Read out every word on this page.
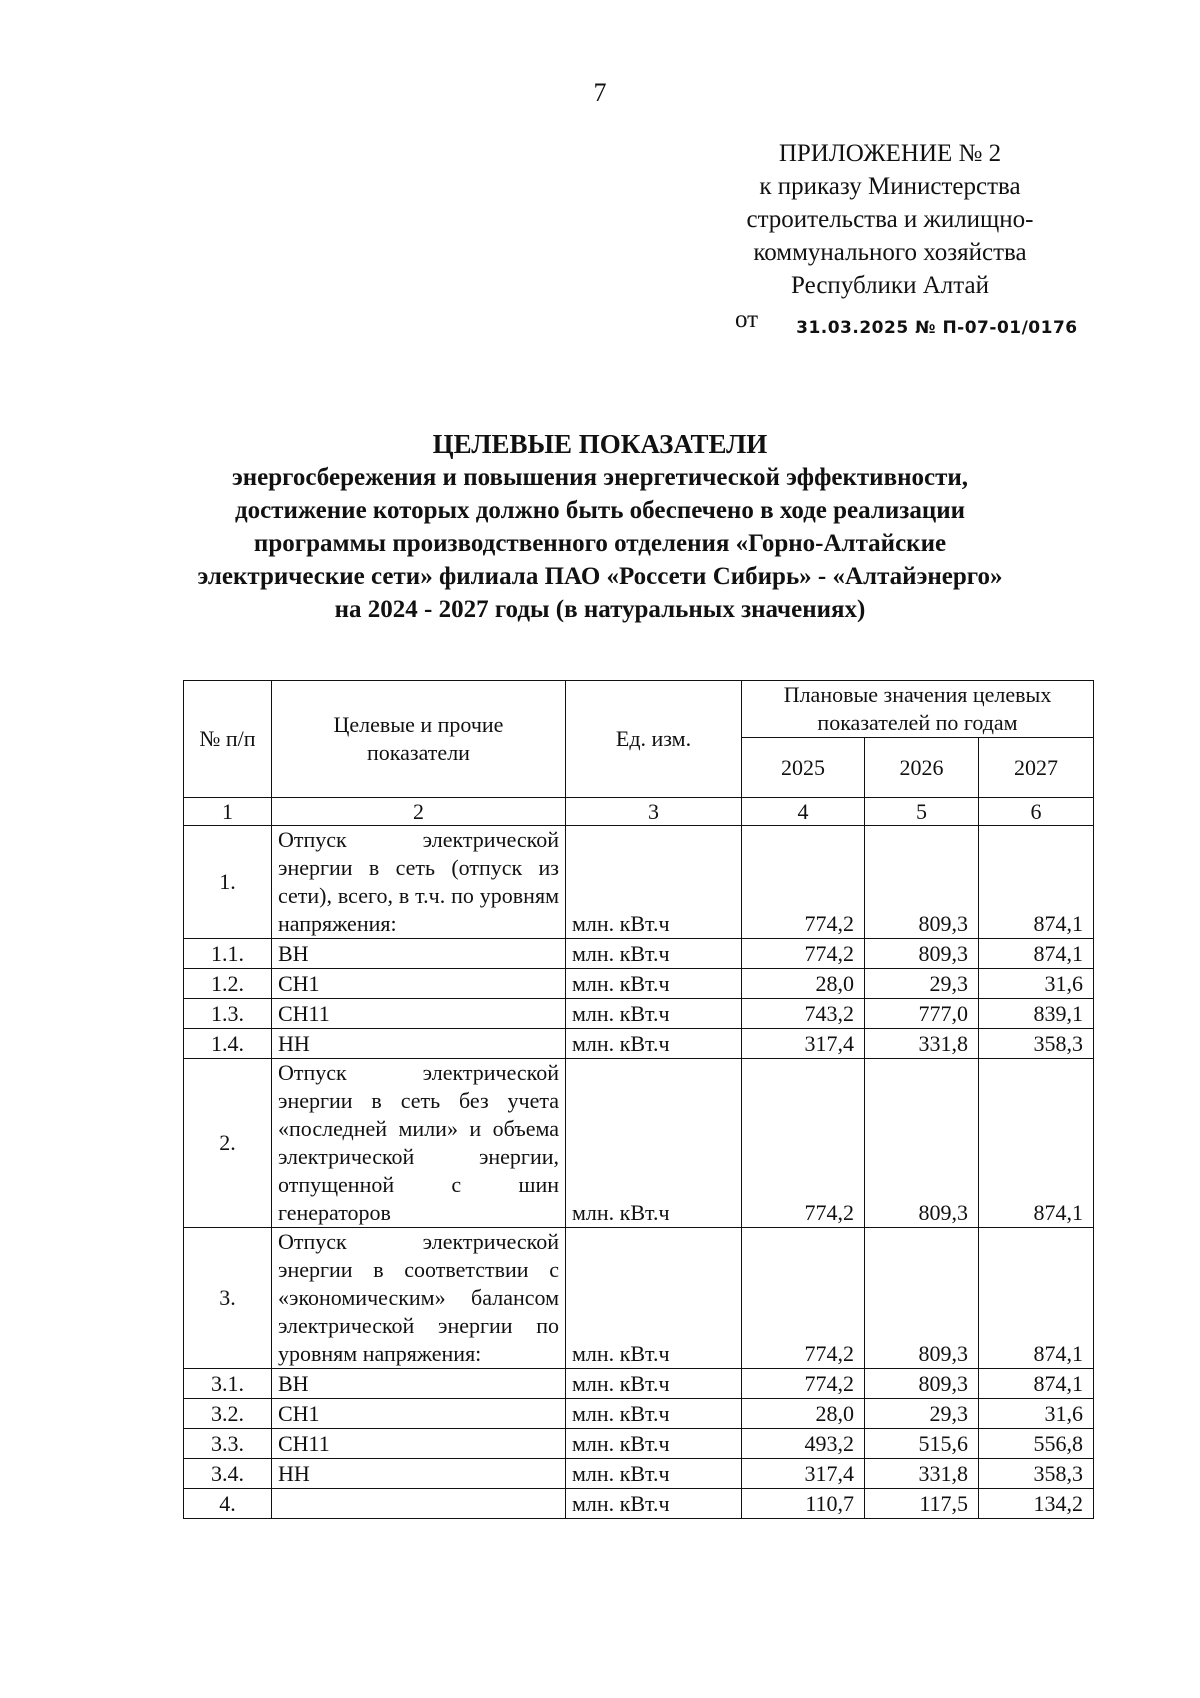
7
ПРИЛОЖЕНИЕ № 2
к приказу Министерства
строительства и жилищно-
коммунального хозяйства
Республики Алтай
от $_{31.03.2025 № П-07-01/0176}$
ЦЕЛЕВЫЕ ПОКАЗАТЕЛИ
энергосбережения и повышения энергетической эффективности,
достижение которых должно быть обеспечено в ходе реализации
программы производственного отделения «Горно-Алтайские
электрические сети» филиала ПАО «Россети Сибирь» - «Алтайэнерго»
на 2024 - 2027 годы (в натуральных значениях)
№ п/п	Целевые и прочие показатели	Ед. изм.	Плановые значения целевых показателей по годам		
			2025	2026	2027
1	2	3	4	5	6
1.	Отпуск электрической энергии в сеть (отпуск из сети), всего, в т.ч. по уровням напряжения:	млн. кВт.ч	774,2	809,3	874,1
1.1.	ВН	млн. кВт.ч	774,2	809,3	874,1
1.2.	СН1	млн. кВт.ч	28,0	29,3	31,6
1.3.	СН11	млн. кВт.ч	743,2	777,0	839,1
1.4.	НН	млн. кВт.ч	317,4	331,8	358,3
2.	Отпуск электрической энергии в сеть без учета «последней мили» и объема электрической энергии, отпущенной с шин генераторов	млн. кВт.ч	774,2	809,3	874,1
3.	Отпуск электрической энергии в соответствии с «экономическим» балансом электрической энергии по уровням напряжения:	млн. кВт.ч	774,2	809,3	874,1
3.1.	ВН	млн. кВт.ч	774,2	809,3	874,1
3.2.	СН1	млн. кВт.ч	28,0	29,3	31,6
3.3.	СН11	млн. кВт.ч	493,2	515,6	556,8
3.4.	НН	млн. кВт.ч	317,4	331,8	358,3
4.		млн. кВт.ч	110,7	117,5	134,2
